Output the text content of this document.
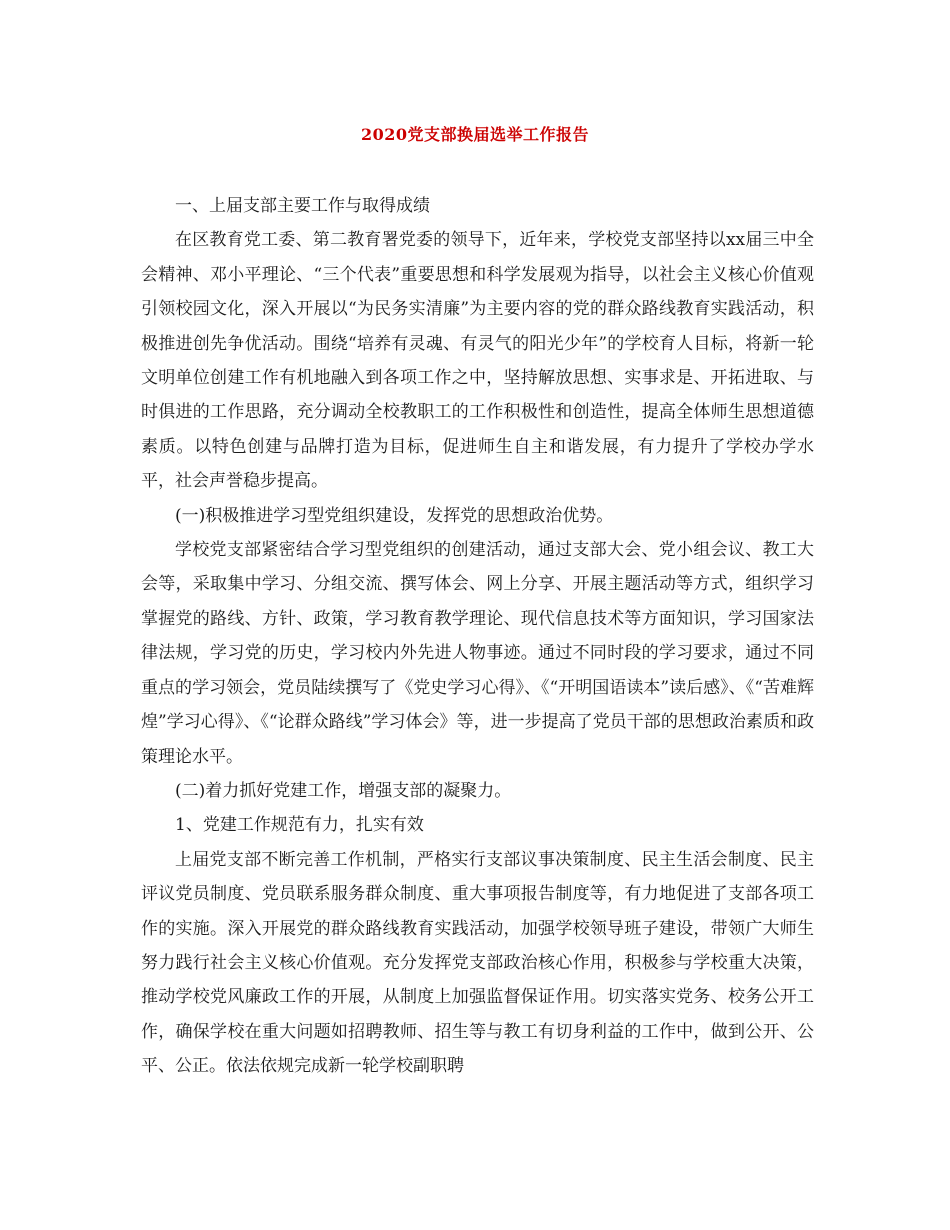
2020党支部换届选举工作报告

一、上届支部主要工作与取得成绩

在区教育党工委、第二教育署党委的领导下，近年来，学校党支部坚持以xx届三中全会精神、邓小平理论、“三个代表”重要思想和科学发展观为指导，以社会主义核心价值观引领校园文化，深入开展以“为民务实清廉”为主要内容的党的群众路线教育实践活动，积极推进创先争优活动。围绕“培养有灵魂、有灵气的阳光少年”的学校育人目标，将新一轮文明单位创建工作有机地融入到各项工作之中，坚持解放思想、实事求是、开拓进取、与时俱进的工作思路，充分调动全校教职工的工作积极性和创造性，提高全体师生思想道德素质。以特色创建与品牌打造为目标，促进师生自主和谐发展，有力提升了学校办学水平，社会声誉稳步提高。

(一)积极推进学习型党组织建设，发挥党的思想政治优势。

学校党支部紧密结合学习型党组织的创建活动，通过支部大会、党小组会议、教工大会等，采取集中学习、分组交流、撰写体会、网上分享、开展主题活动等方式，组织学习掌握党的路线、方针、政策，学习教育教学理论、现代信息技术等方面知识，学习国家法律法规，学习党的历史，学习校内外先进人物事迹。通过不同时段的学习要求，通过不同重点的学习领会，党员陆续撰写了《党史学习心得》、《“开明国语读本”读后感》、《“苦难辉煌”学习心得》、《“论群众路线”学习体会》等，进一步提高了党员干部的思想政治素质和政策理论水平。

(二)着力抓好党建工作，增强支部的凝聚力。

1、党建工作规范有力，扎实有效

上届党支部不断完善工作机制，严格实行支部议事决策制度、民主生活会制度、民主评议党员制度、党员联系服务群众制度、重大事项报告制度等，有力地促进了支部各项工作的实施。深入开展党的群众路线教育实践活动，加强学校领导班子建设，带领广大师生努力践行社会主义核心价值观。充分发挥党支部政治核心作用，积极参与学校重大决策，推动学校党风廉政工作的开展，从制度上加强监督保证作用。切实落实党务、校务公开工作，确保学校在重大问题如招聘教师、招生等与教工有切身利益的工作中，做到公开、公平、公正。依法依规完成新一轮学校副职聘
